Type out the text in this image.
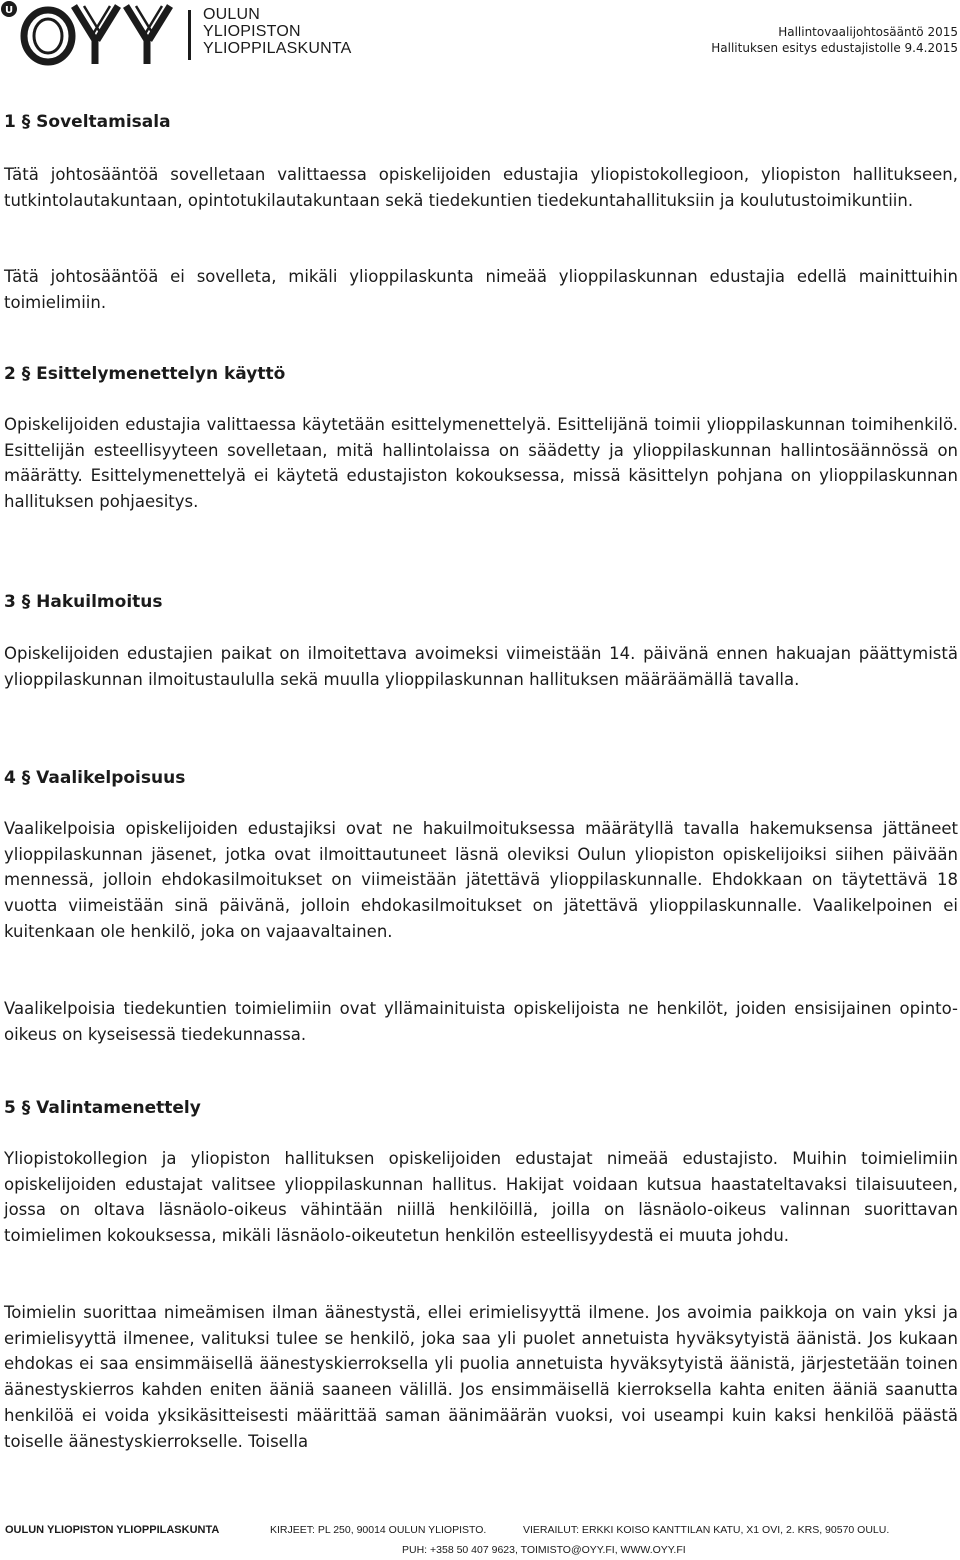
U	OULUN
YLIOPISTON
YLIOPPILASKUNTA
Hallintovaalijohtosääntö 2015
Hallituksen esitys edustajistolle 9.4.2015
1 § Soveltamisala

Tätä johtosääntöä sovelletaan valittaessa opiskelijoiden edustajia yliopistokollegioon, yliopiston hallitukseen, tutkintolautakuntaan, opintotukilautakuntaan sekä tiedekuntien tiedekuntahallituksiin ja koulutustoimikuntiin.

Tätä johtosääntöä ei sovelleta, mikäli ylioppilaskunta nimeää ylioppilaskunnan edustajia edellä mainittuihin toimielimiin.

2 § Esittelymenettelyn käyttö

Opiskelijoiden edustajia valittaessa käytetään esittelymenettelyä. Esittelijänä toimii ylioppilaskunnan toimihenkilö. Esittelijän esteellisyyteen sovelletaan, mitä hallintolaissa on säädetty ja ylioppilaskunnan hallintosäännössä on määrätty. Esittelymenettelyä ei käytetä edustajiston kokouksessa, missä käsittelyn pohjana on ylioppilaskunnan hallituksen pohjaesitys.

3 § Hakuilmoitus

Opiskelijoiden edustajien paikat on ilmoitettava avoimeksi viimeistään 14. päivänä ennen hakuajan päättymistä ylioppilaskunnan ilmoitustaululla sekä muulla ylioppilaskunnan hallituksen määräämällä tavalla.

4 § Vaalikelpoisuus

Vaalikelpoisia opiskelijoiden edustajiksi ovat ne hakuilmoituksessa määrätyllä tavalla hakemuksensa jättäneet ylioppilaskunnan jäsenet, jotka ovat ilmoittautuneet läsnä oleviksi Oulun yliopiston opiskelijoiksi siihen päivään mennessä, jolloin ehdokasilmoitukset on viimeistään jätettävä ylioppilaskunnalle. Ehdokkaan on täytettävä 18 vuotta viimeistään sinä päivänä, jolloin ehdokasilmoitukset on jätettävä ylioppilaskunnalle. Vaalikelpoinen ei kuitenkaan ole henkilö, joka on vajaavaltainen.

Vaalikelpoisia tiedekuntien toimielimiin ovat yllämainituista opiskelijoista ne henkilöt, joiden ensisijainen opinto-oikeus on kyseisessä tiedekunnassa.

5 § Valintamenettely

Yliopistokollegion ja yliopiston hallituksen opiskelijoiden edustajat nimeää edustajisto. Muihin toimielimiin opiskelijoiden edustajat valitsee ylioppilaskunnan hallitus. Hakijat voidaan kutsua haastateltavaksi tilaisuuteen, jossa on oltava läsnäolo-oikeus vähintään niillä henkilöillä, joilla on läsnäolo-oikeus valinnan suorittavan toimielimen kokouksessa, mikäli läsnäolo-oikeutetun henkilön esteellisyydestä ei muuta johdu.

Toimielin suorittaa nimeämisen ilman äänestystä, ellei erimielisyyttä ilmene. Jos avoimia paikkoja on vain yksi ja erimielisyyttä ilmenee, valituksi tulee se henkilö, joka saa yli puolet annetuista hyväksytyistä äänistä. Jos kukaan ehdokas ei saa ensimmäisellä äänestyskierroksella yli puolia annetuista hyväksytyistä äänistä, järjestetään toinen äänestyskierros kahden eniten ääniä saaneen välillä. Jos ensimmäisellä kierroksella kahta eniten ääniä saanutta henkilöä ei voida yksikäsitteisesti määrittää saman äänimäärän vuoksi, voi useampi kuin kaksi henkilöä päästä toiselle äänestyskierrokselle. Toisella

OULUN YLIOPISTON YLIOPPILASKUNTA	KIRJEET: PL 250, 90014 OULUN YLIOPISTO.	VIERAILUT: ERKKI KOISO KANTTILAN KATU, X1 OVI, 2. KRS, 90570 OULU.
PUH: +358 50 407 9623, TOIMISTO@OYY.FI, WWW.OYY.FI
